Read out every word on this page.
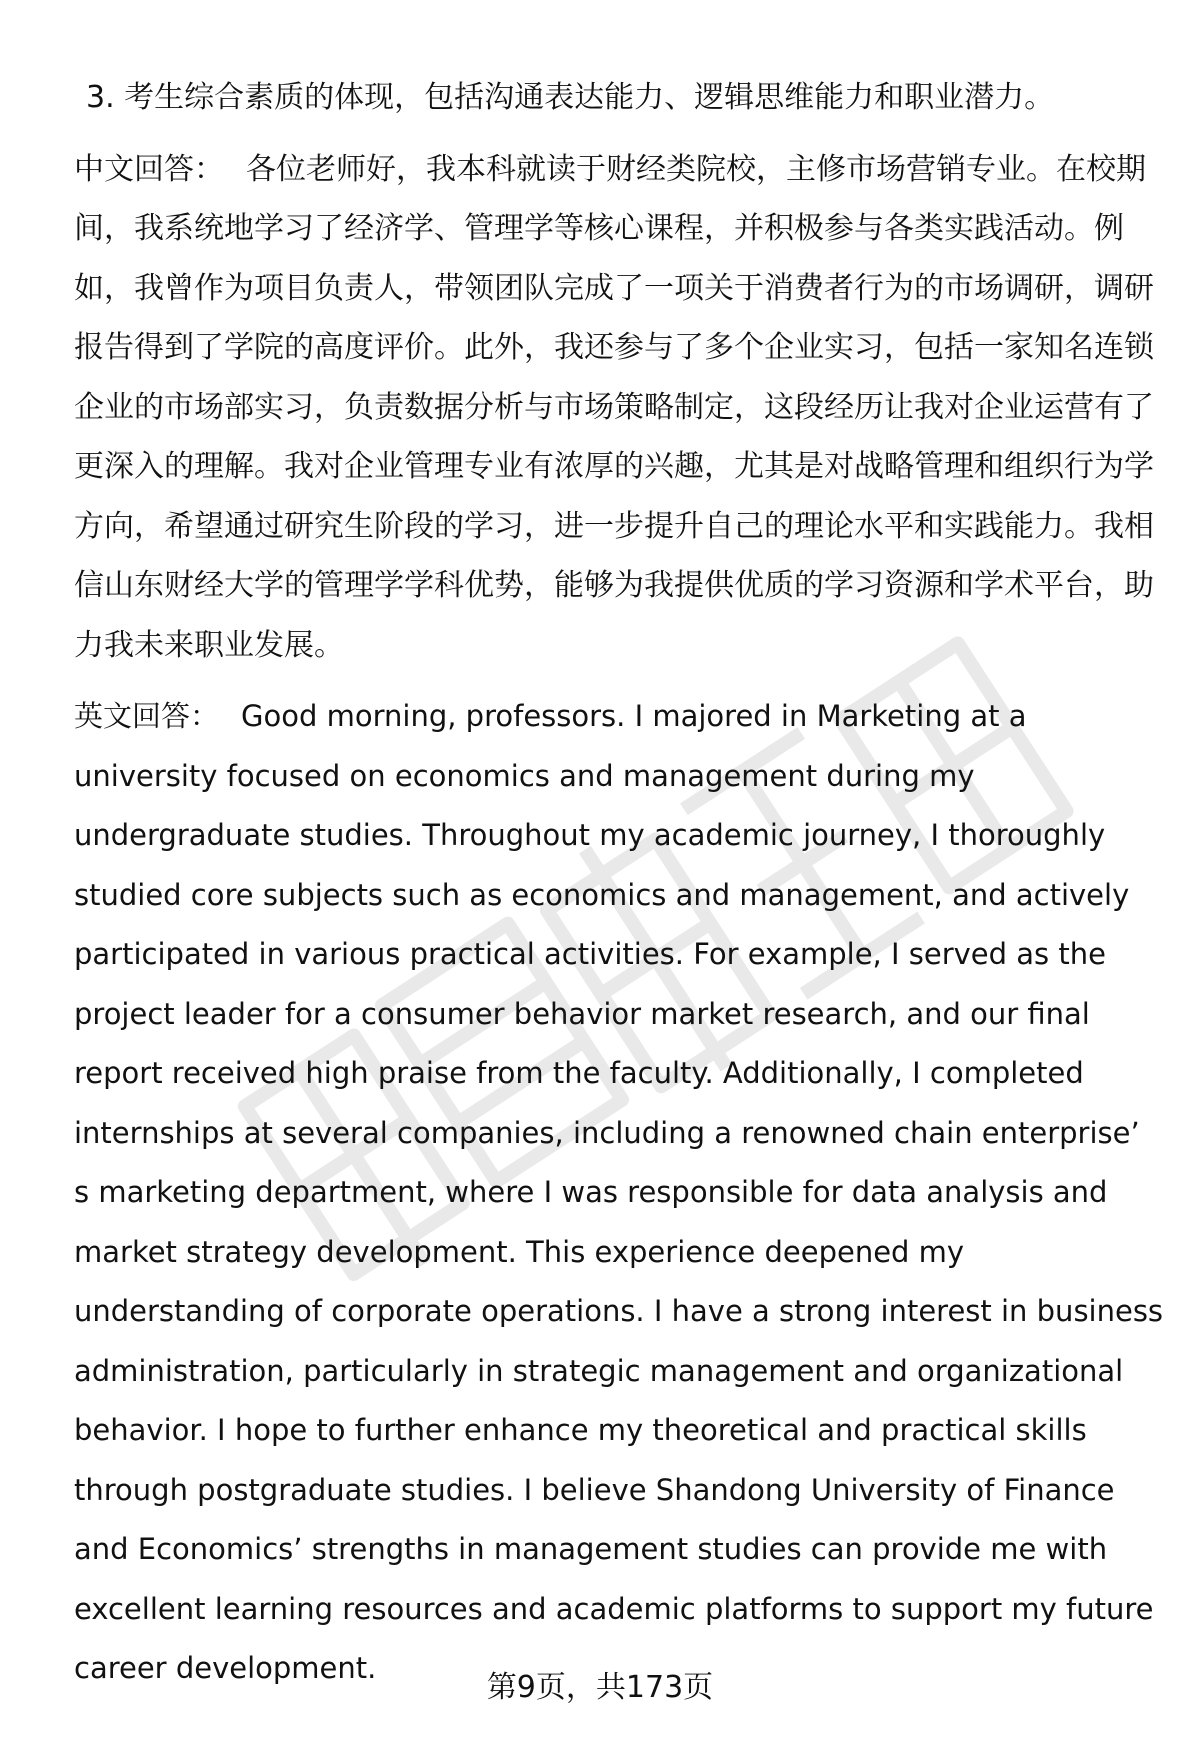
3. 考生综合素质的体现，包括沟通表达能力、逻辑思维能力和职业潜力。

中文回答： 各位老师好，我本科就读于财经类院校，主修市场营销专业。在校期间，我系统地学习了经济学、管理学等核心课程，并积极参与各类实践活动。例如，我曾作为项目负责人，带领团队完成了一项关于消费者行为的市场调研，调研报告得到了学院的高度评价。此外，我还参与了多个企业实习，包括一家知名连锁企业的市场部实习，负责数据分析与市场策略制定，这段经历让我对企业运营有了更深入的理解。我对企业管理专业有浓厚的兴趣，尤其是对战略管理和组织行为学方向，希望通过研究生阶段的学习，进一步提升自己的理论水平和实践能力。我相信山东财经大学的管理学学科优势，能够为我提供优质的学习资源和学术平台，助力我未来职业发展。

英文回答： Good morning, professors. I majored in Marketing at a university focused on economics and management during my undergraduate studies. Throughout my academic journey, I thoroughly studied core subjects such as economics and management, and actively participated in various practical activities. For example, I served as the project leader for a consumer behavior market research, and our final report received high praise from the faculty. Additionally, I completed internships at several companies, including a renowned chain enterprise’ s marketing department, where I was responsible for data analysis and market strategy development. This experience deepened my understanding of corporate operations. I have a strong interest in business administration, particularly in strategic management and organizational behavior. I hope to further enhance my theoretical and practical skills through postgraduate studies. I believe Shandong University of Finance and Economics’ strengths in management studies can provide me with excellent learning resources and academic platforms to support my future career development.

第9页，共173页
